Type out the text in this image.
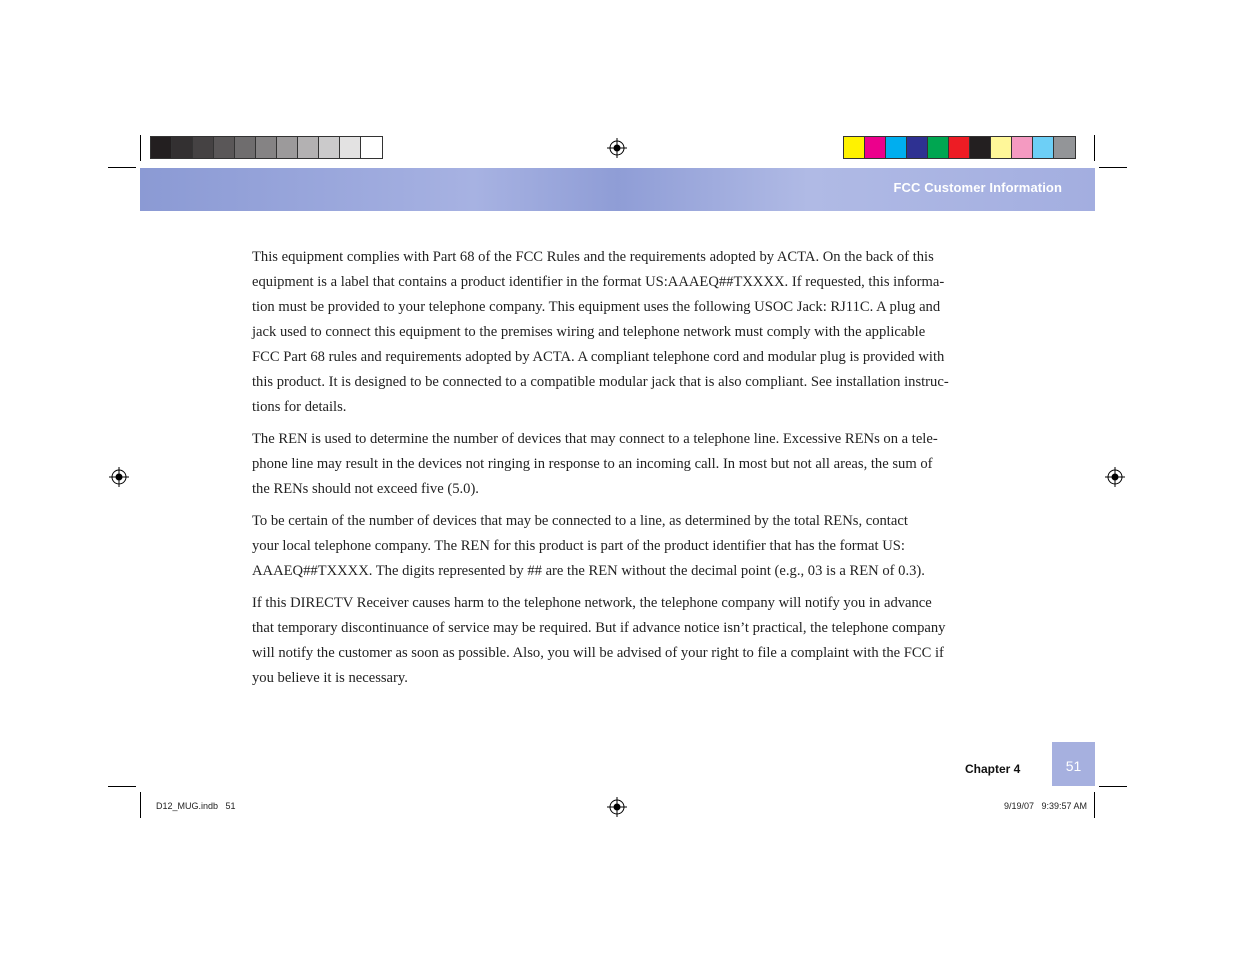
FCC Customer Information

This equipment complies with Part 68 of the FCC Rules and the requirements adopted by ACTA. On the back of this
equipment is a label that contains a product identifier in the format US:AAAEQ##TXXXX. If requested, this informa-
tion must be provided to your telephone company. This equipment uses the following USOC Jack: RJ11C. A plug and
jack used to connect this equipment to the premises wiring and telephone network must comply with the applicable
FCC Part 68 rules and requirements adopted by ACTA. A compliant telephone cord and modular plug is provided with
this product. It is designed to be connected to a compatible modular jack that is also compliant. See installation instruc-
tions for details.

The REN is used to determine the number of devices that may connect to a telephone line. Excessive RENs on a tele-
phone line may result in the devices not ringing in response to an incoming call. In most but not all areas, the sum of
the RENs should not exceed five (5.0).

To be certain of the number of devices that may be connected to a line, as determined by the total RENs, contact
your local telephone company. The REN for this product is part of the product identifier that has the format US:
AAAEQ##TXXXX. The digits represented by ## are the REN without the decimal point (e.g., 03 is a REN of 0.3).

If this DIRECTV Receiver causes harm to the telephone network, the telephone company will notify you in advance
that temporary discontinuance of service may be required. But if advance notice isn’t practical, the telephone company
will notify the customer as soon as possible. Also, you will be advised of your right to file a complaint with the FCC if
you believe it is necessary.

Chapter 4	51
D12_MUG.indb   51	9/19/07   9:39:57 AM
